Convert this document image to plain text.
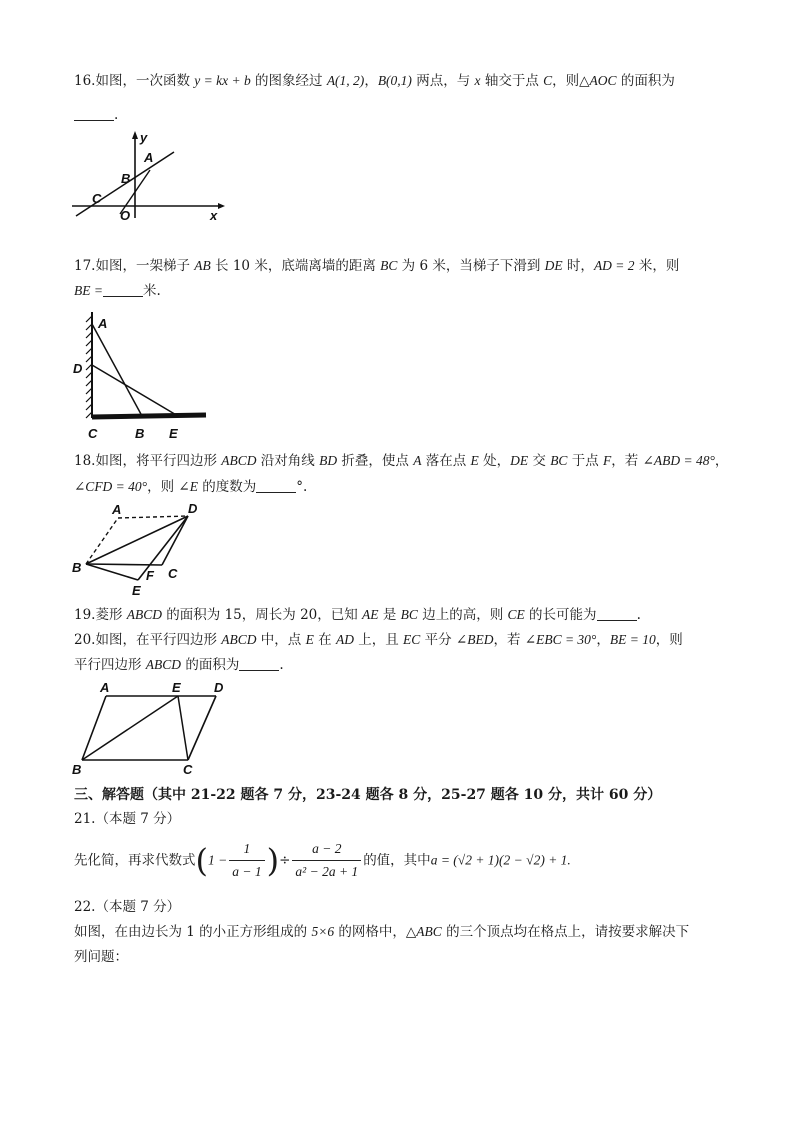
16.如图，一次函数 y = kx + b 的图象经过 A(1, 2)，B(0,1) 两点，与 x 轴交于点 C，则△AOC 的面积为
.
y
A
B
C
O	x
17.如图，一架梯子 AB 长 10 米，底端离墙的距离 BC 为 6 米，当梯子下滑到 DE 时，AD = 2 米，则
BE =	米.
A
D
C	B E
18.如图，将平行四边形 ABCD 沿对角线 BD 折叠，使点 A 落在点 E 处，DE 交 BC 于点 F，若 ∠ABD = 48°，
∠CFD = 40°，则 ∠E 的度数为	°.
A	D
B
F C
E
19.菱形 ABCD 的面积为 15，周长为 20，已知 AE 是 BC 边上的高，则 CE 的长可能为	.
20.如图，在平行四边形 ABCD 中，点 E 在 AD 上，且 EC 平分 ∠BED，若 ∠EBC = 30°，BE = 10，则
平行四边形 ABCD 的面积为	.
A	E	D
B	C
三、解答题（其中 21-22 题各 7 分，23-24 题各 8 分，25-27 题各 10 分，共计 60 分）
21.（本题 7 分）
先化简，再求代数式($1 - \frac{1}{a - 1}$ )÷ $\frac{a - 2}{\text{a² − 2a + 1}}$ 的值，其中a = (√2 + 1)(2 − √2) + 1.
22.（本题 7 分）
如图，在由边长为 1 的小正方形组成的 5×6 的网格中，△ABC 的三个顶点均在格点上，请按要求解决下
列问题：
